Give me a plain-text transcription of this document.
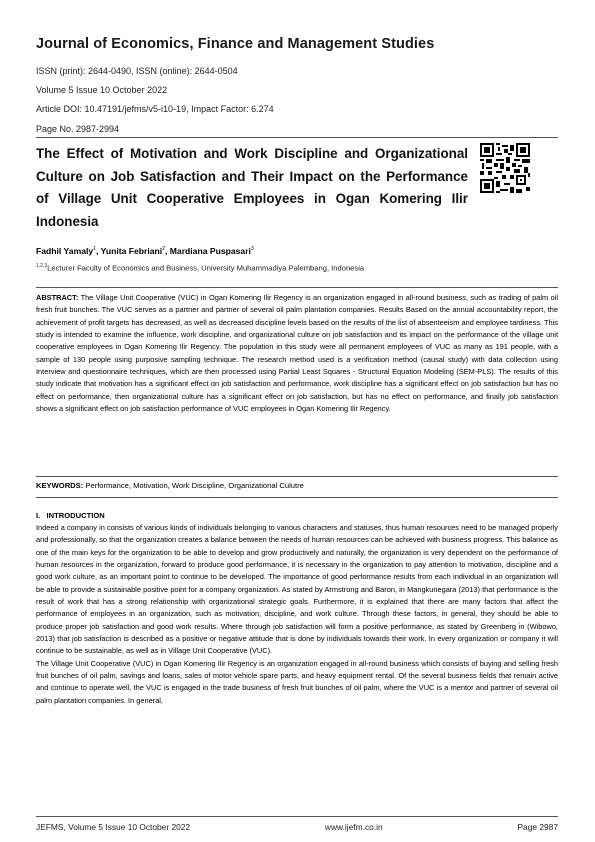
Journal of Economics, Finance and Management Studies
ISSN (print): 2644-0490, ISSN (online): 2644-0504
Volume 5 Issue 10 October 2022
Article DOI: 10.47191/jefms/v5-i10-19, Impact Factor: 6.274
Page No. 2987-2994
The Effect of Motivation and Work Discipline and Organizational
Culture on Job Satisfaction and Their Impact on the Performance
of Village Unit Cooperative Employees in Ogan Komering Ilir
Indonesia
Fadhil Yamaly$^1$, Yunita Febriani$^2$, Mardiana Puspasari$^3$
$^{1,2,3}$Lecturer Faculty of Economics and Business, University Muhammadiya Palembang, Indonesia
ABSTRACT: The Village Unit Cooperative (VUC) in Ogan Komering Ilir Regency is an organization engaged in all-round business, such as trading of palm oil fresh fruit bunches. The VUC serves as a partner and partner of several oil palm plantation companies. Results Based on the annual accountability report, the achievement of profit targets has decreased, as well as decreased discipline levels based on the results of the list of absenteeism and employee tardiness. This study is intended to examine the influence, work discipline, and organizational culture on job satisfaction and its impact on the performance of the village unit cooperative employees in Ogan Komering Ilir Regency. The population in this study were all permanent employees of VUC as many as 191 people, with a sample of 130 people using purposive sampling technique. The research method used is a verification method (causal study) with data collection using Interview and questionnaire techniques, which are then processed using Partial Least Squares - Structural Equation Modeling (SEM-PLS). The results of this study indicate that motivation has a significant effect on job satisfaction and performance, work discipline has a significant effect on job satisfaction but has no effect on performance, then organizational culture has a significant effect on job satisfaction, but has no effect on performance, and finally job satisfaction shows a significant effect on job satisfaction performance of VUC employees in Ogan Komering Ilir Regency.
KEYWORDS: Performance, Motivation, Work Discipline, Organizational Culutre
I.   INTRODUCTION

Indeed a company in consists of various kinds of individuals belonging to various characters and statuses, thus human resources need to be managed properly and professionally, so that the organization creates a balance between the needs of human resources can be achieved with business progress. This balance as one of the main keys for the organization to be able to develop and grow productively and naturally, the organization is very dependent on the performance of human resources in the organization, forward to produce good performance, it is necessary in the organization to pay attention to motivation, discipline and a good work culture, as an important point to continue to be developed. The importance of good performance results from each individual in an organization will be able to provide a sustainable positive point for a company organization. As stated by Armstrong and Baron, in Mangkunegara (2013) that performance is the result of work that has a strong relationship with organizational strategic goals. Furthermore, it is explained that there are many factors that affect the performance of employees in an organization, such as motivation, discipline, and work culture. Through these factors, in general, they should be able to produce proper job satisfaction and good work results. Where through job satisfaction will form a positive performance, as stated by Greenberg in (Wibowo, 2013) that job satisfaction is described as a positive or negative attitude that is done by individuals towards their work. In every organization or company it will continue to be sustainable, as well as in Village Unit Cooperative (VUC).

The Village Unit Cooperative (VUC) in Ogan Komering Ilir Regency is an organization engaged in all-round business which consists of buying and selling fresh fruit bunches of oil palm, savings and loans, sales of motor vehicle spare parts, and heavy equipment rental. Of the several business fields that remain active and continue to operate well, the VUC is engaged in the trade business of fresh fruit bunches of oil palm, where the VUC is a mentor and partner of several oil palm plantation companies. In general,

JEFMS, Volume 5 Issue 10 October 2022	www.ijefm.co.in	Page 2987
